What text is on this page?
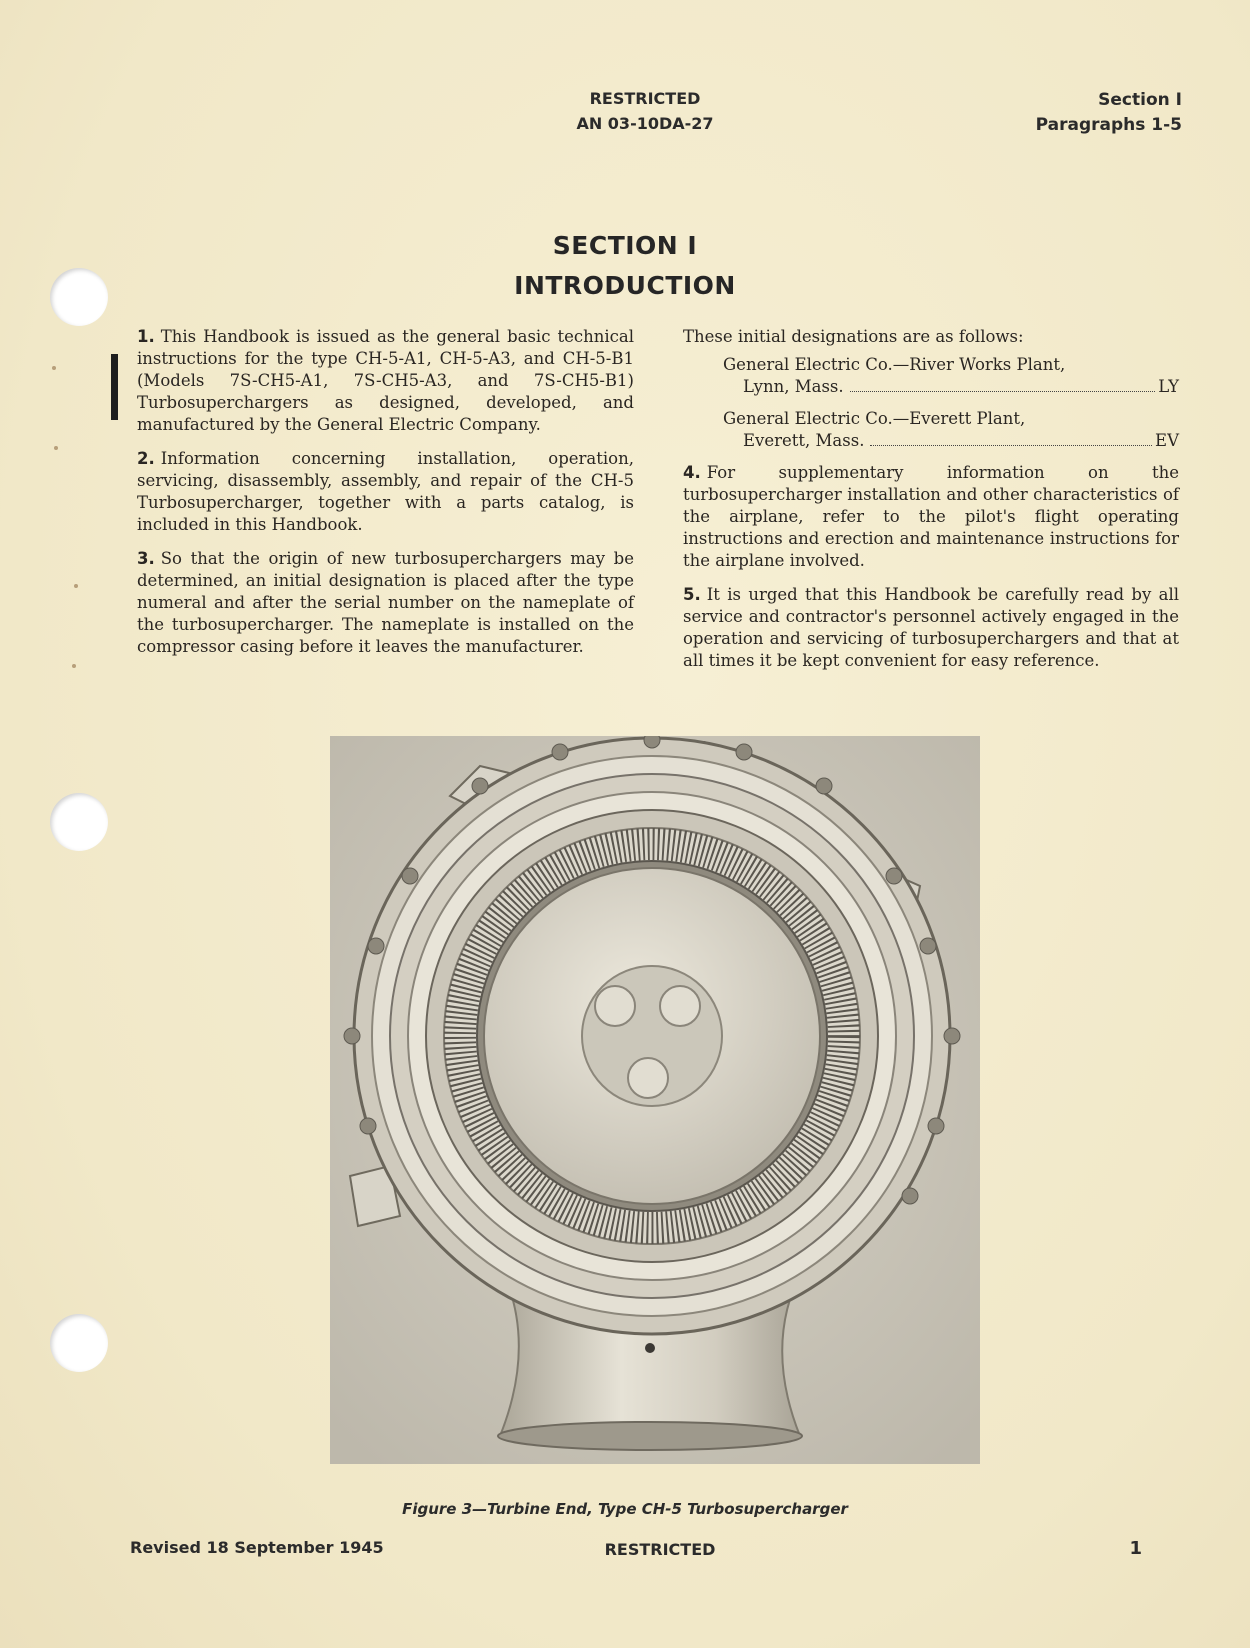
RESTRICTED
AN 03-10DA-27
Section I
Paragraphs 1-5
SECTION I
INTRODUCTION

1. This Handbook is issued as the general basic technical instructions for the type CH-5-A1, CH-5-A3, and CH-5-B1 (Models 7S-CH5-A1, 7S-CH5-A3, and 7S-CH5-B1) Turbosuperchargers as designed, developed, and manufactured by the General Electric Company.

2. Information concerning installation, operation, servicing, disassembly, assembly, and repair of the CH-5 Turbosupercharger, together with a parts catalog, is included in this Handbook.

3. So that the origin of new turbosuperchargers may be determined, an initial designation is placed after the type numeral and after the serial number on the nameplate of the turbosupercharger. The nameplate is installed on the compressor casing before it leaves the manufacturer.

These initial designations are as follows:

General Electric Co.—River Works Plant,
Lynn, Mass.	LY
General Electric Co.—Everett Plant,
Everett, Mass.	EV

4. For supplementary information on the turbosupercharger installation and other characteristics of the airplane, refer to the pilot's flight operating instructions and erection and maintenance instructions for the airplane involved.

5. It is urged that this Handbook be carefully read by all service and contractor's personnel actively engaged in the operation and servicing of turbosuperchargers and that at all times it be kept convenient for easy reference.

Figure 3—Turbine End, Type CH-5 Turbosupercharger
Revised 18 September 1945	RESTRICTED	1
